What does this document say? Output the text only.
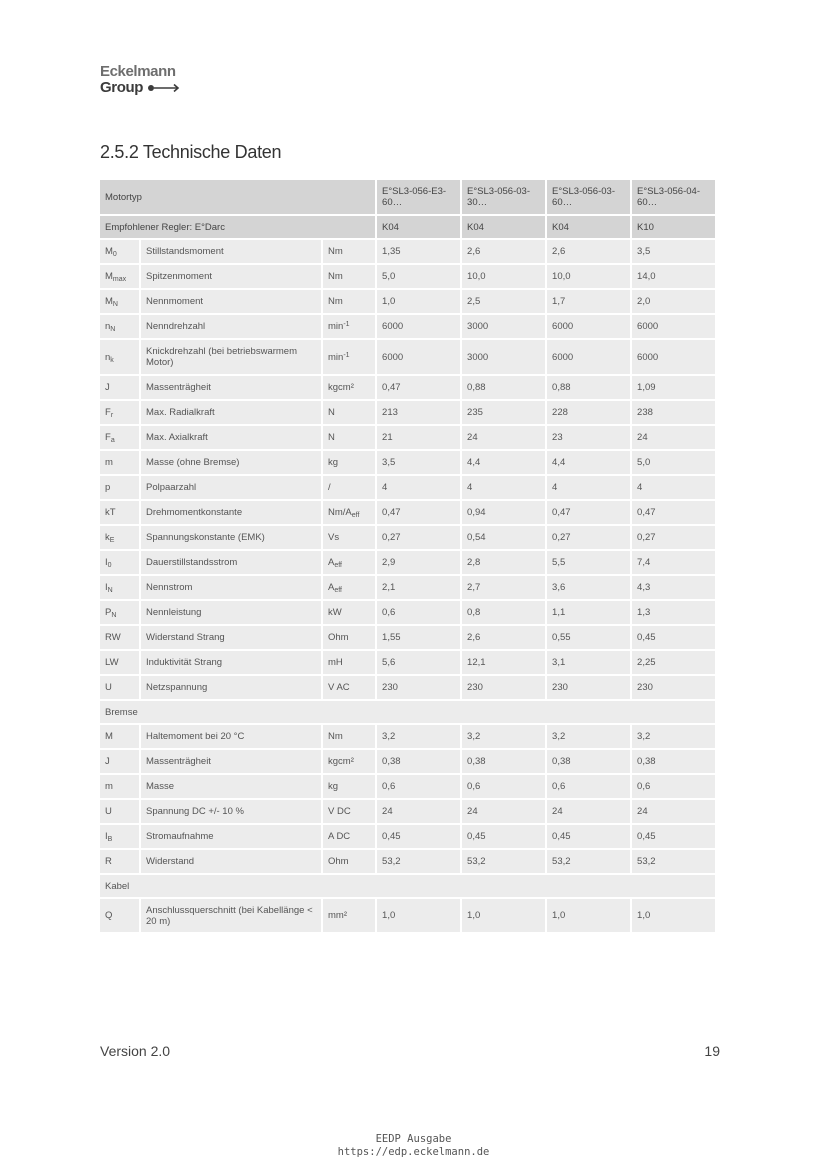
Eckelmann
Group
2.5.2 Technische Daten
Motortyp			E°SL3-056-E3-60…	E°SL3-056-03-30…	E°SL3-056-03-60…	E°SL3-056-04-60…
Empfohlener Regler: E°Darc			K04	K04	K04	K10
$M_0$	Stillstandsmoment	Nm	1,35	2,6	2,6	3,5
$M_{max}$	Spitzenmoment	Nm	5,0	10,0	10,0	14,0
$M_N$	Nennmoment	Nm	1,0	2,5	1,7	2,0
$n_N$	Nenndrehzahl	$\min^{-1}$	6000	3000	6000	6000
$n_k$	Knickdrehzahl (bei betriebswarmem Motor)	$\min^{-1}$	6000	3000	6000	6000
J	Massenträgheit	kgcm²	0,47	0,88	0,88	1,09
$F_r$	Max. Radialkraft	N	213	235	228	238
$F_a$	Max. Axialkraft	N	21	24	23	24
m	Masse (ohne Bremse)	kg	3,5	4,4	4,4	5,0
p	Polpaarzahl	/	4	4	4	4
kT	Drehmomentkonstante	$Nm/A_{eff}$	0,47	0,94	0,47	0,47
$k_E$	Spannungskonstante (EMK)	Vs	0,27	0,54	0,27	0,27
$I_0$	Dauerstillstandsstrom	$A_{eff}$	2,9	2,8	5,5	7,4
$I_N$	Nennstrom	$A_{eff}$	2,1	2,7	3,6	4,3
$P_N$	Nennleistung	kW	0,6	0,8	1,1	1,3
RW	Widerstand Strang	Ohm	1,55	2,6	0,55	0,45
LW	Induktivität Strang	mH	5,6	12,1	3,1	2,25
U	Netzspannung	V AC	230	230	230	230
Bremse						
M	Haltemoment bei 20 °C	Nm	3,2	3,2	3,2	3,2
J	Massenträgheit	kgcm²	0,38	0,38	0,38	0,38
m	Masse	kg	0,6	0,6	0,6	0,6
U	Spannung DC +/- 10 %	V DC	24	24	24	24
$I_B$	Stromaufnahme	A DC	0,45	0,45	0,45	0,45
R	Widerstand	Ohm	53,2	53,2	53,2	53,2
Kabel						
Q	Anschlussquerschnitt (bei Kabellänge < 20 m)	mm²	1,0	1,0	1,0	1,0
Version 2.0	19
EEDP Ausgabe
https://edp.eckelmann.de
